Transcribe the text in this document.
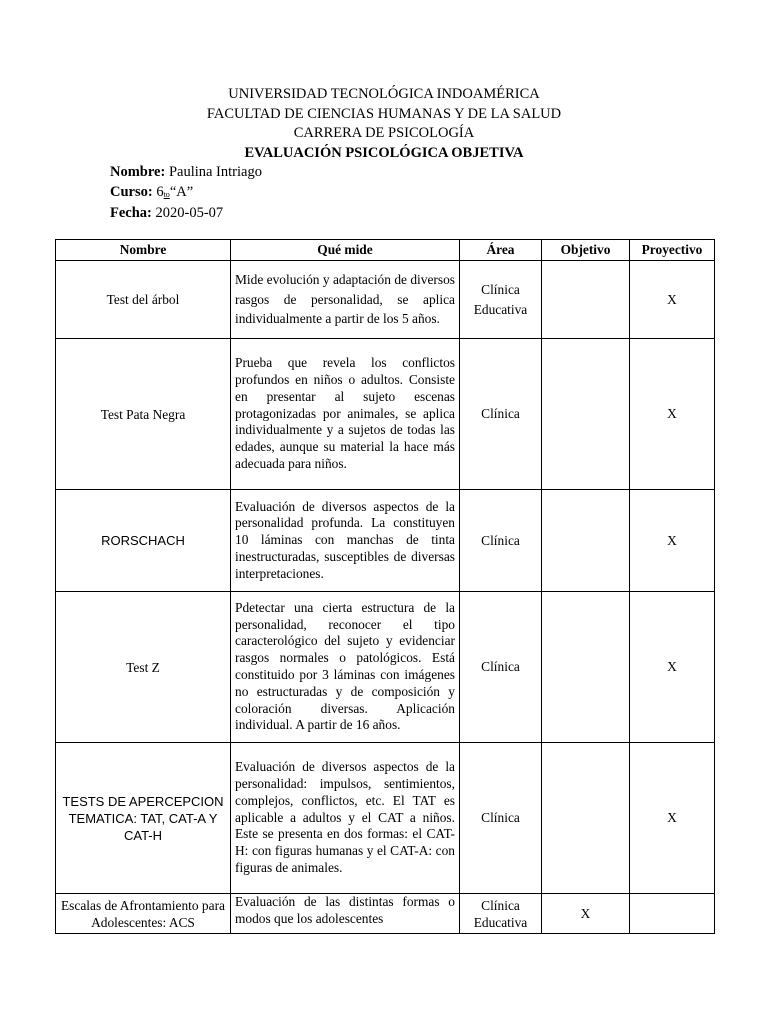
UNIVERSIDAD TECNOLÓGICA INDOAMÉRICA
FACULTAD DE CIENCIAS HUMANAS Y DE LA SALUD
CARRERA DE PSICOLOGÍA
EVALUACIÓN PSICOLÓGICA OBJETIVA
Nombre: Paulina Intriago
Curso: 6to“A”
Fecha: 2020-05-07
Nombre	Qué mide	Área	Objetivo	Proyectivo
Test del árbol	Mide evolución y adaptación de diversos rasgos de personalidad, se aplica individualmente a partir de los 5 años.	Clínica Educativa		X
Test Pata Negra	Prueba que revela los conflictos profundos en niños o adultos. Consiste en presentar al sujeto escenas protagonizadas por animales, se aplica individualmente y a sujetos de todas las edades, aunque su material la hace más adecuada para niños.	Clínica		X
RORSCHACH	Evaluación de diversos aspectos de la personalidad profunda. La constituyen 10 láminas con manchas de tinta inestructuradas, susceptibles de diversas interpretaciones.	Clínica		X
Test Z	Pdetectar una cierta estructura de la personalidad, reconocer el tipo caracterológico del sujeto y evidenciar rasgos normales o patológicos. Está constituido por 3 láminas con imágenes no estructuradas y de composición y coloración diversas. Aplicación individual. A partir de 16 años.	Clínica		X
TESTS DE APERCEPCION TEMATICA: TAT, CAT-A Y CAT-H	Evaluación de diversos aspectos de la personalidad: impulsos, sentimientos, complejos, conflictos, etc. El TAT es aplicable a adultos y el CAT a niños. Este se presenta en dos formas: el CAT-H: con figuras humanas y el CAT-A: con figuras de animales.	Clínica		X
Escalas de Afrontamiento para Adolescentes: ACS	Evaluación de las distintas formas o modos que los adolescentes	Clínica Educativa	X	
